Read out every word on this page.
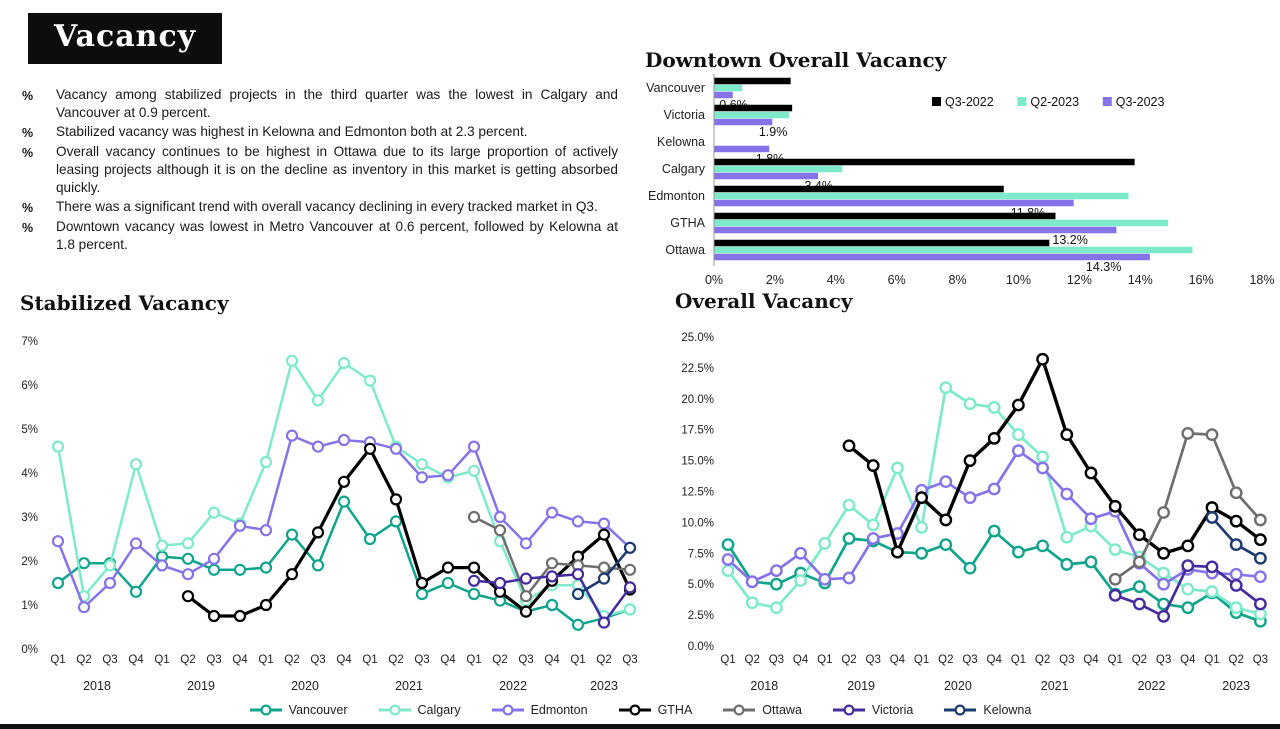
Vacancy
%	Vacancy among stabilized projects in the third quarter was the lowest in Calgary and Vancouver at 0.9 percent.
%	Stabilized vacancy was highest in Kelowna and Edmonton both at 2.3 percent.
%	Overall vacancy continues to be highest in Ottawa due to its large proportion of actively leasing projects although it is on the decline as inventory in this market is getting absorbed quickly.
%	There was a significant trend with overall vacancy declining in every tracked market in Q3.
%	Downtown vacancy was lowest in Metro Vancouver at 0.6 percent, followed by Kelowna at 1.8 percent.
Downtown Overall Vacancy
Vancouver
Victoria
1.9%
Kelowna
Calgary
Edmonton
GTHA
13.2%
Ottawa
14.3%
0%	2%	4%	6%	8%	10%	12%	14%	16%	18%
Q3-2022	Q2-2023	Q3-2023
Stabilized Vacancy
0%
1%
2%
3%
4%
5%
6%
7%
Q1 Q2 Q3 Q4 Q1 Q2 Q3 Q4 Q1 Q2 Q3 Q4 Q1 Q2 Q3 Q4 Q1 Q2 Q3 Q4 Q1 Q2 Q3
2018	2019	2020	2021	2022	2023
Overall Vacancy
0.0%
2.5%
5.0%
7.5%
10.0%
12.5%
15.0%
17.5%
20.0%
22.5%
25.0%
Q1 Q2 Q3 Q4 Q1 Q2 Q3 Q4 Q1 Q2 Q3 Q4 Q1 Q2 Q3 Q4 Q1 Q2 Q3 Q4 Q1 Q2 Q3
2018	2019	2020	2021	2022	2023
Vancouver	Calgary	Edmonton	GTHA	Ottawa	Victoria	Kelowna
